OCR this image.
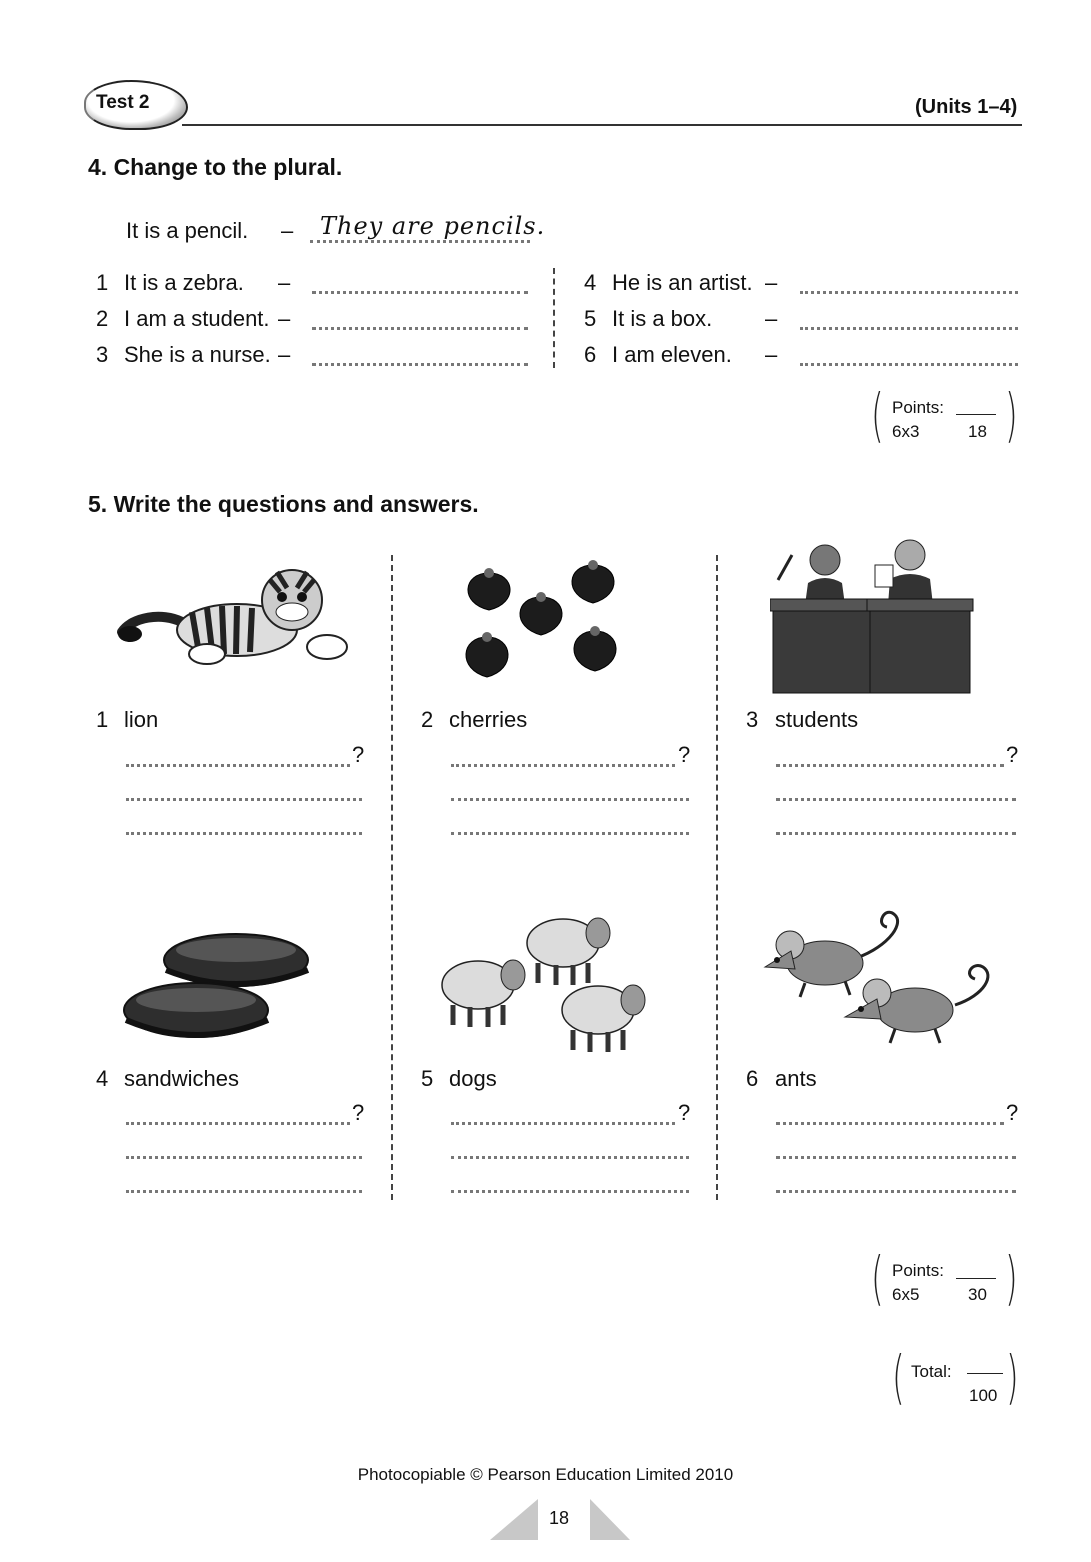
Test 2	(Units 1–4)
4. Change to the plural.
It is a pencil. – They are pencils.
1 It is a zebra. –
2 I am a student. –
3 She is a nurse. –
4 He is an artist. –
5 It is a box. –
6 I am eleven. –
( )
Points:
6x3	18
5. Write the questions and answers.
1 lion
?
2 cherries
?
3 students
?
4 sandwiches
?
5 dogs
?
6 ants
?
( )
Points:
6x5	30
( )
Total:
100
Photocopiable © Pearson Education Limited 2010
18
